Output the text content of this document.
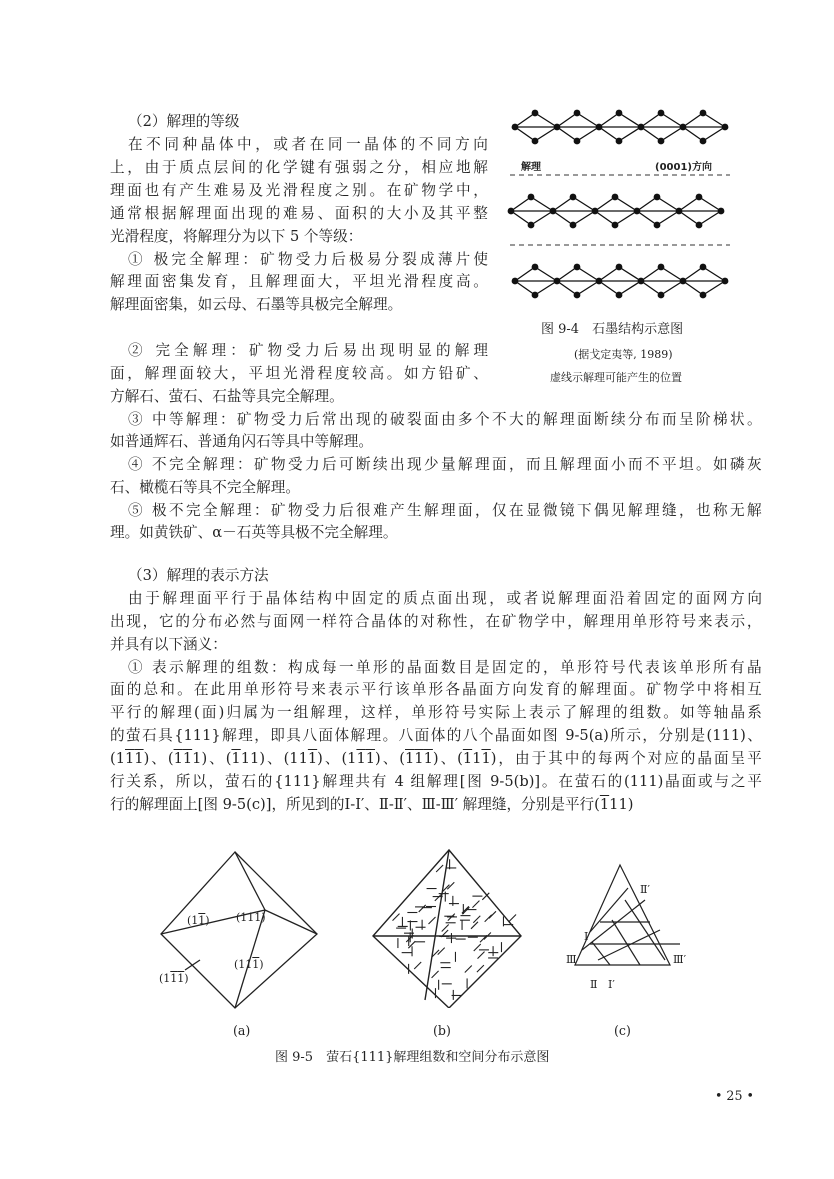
（2）解理的等级
在不同种晶体中，或者在同一晶体的不同方向
上，由于质点层间的化学键有强弱之分，相应地解
理面也有产生难易及光滑程度之别。在矿物学中，
通常根据解理面出现的难易、面积的大小及其平整
光滑程度，将解理分为以下 5 个等级：
① 极完全解理：矿物受力后极易分裂成薄片使
解理面密集发育，且解理面大，平坦光滑程度高。
解理面密集，如云母、石墨等具极完全解理。
② 完全解理：矿物受力后易出现明显的解理
面，解理面较大，平坦光滑程度较高。如方铅矿、
方解石、萤石、石盐等具完全解理。
③ 中等解理：矿物受力后常出现的破裂面由多个不大的解理面断续分布而呈阶梯状。
如普通辉石、普通角闪石等具中等解理。
④ 不完全解理：矿物受力后可断续出现少量解理面，而且解理面小而不平坦。如磷灰
石、橄榄石等具不完全解理。
⑤ 极不完全解理：矿物受力后很难产生解理面，仅在显微镜下偶见解理缝，也称无解
理。如黄铁矿、α－石英等具极不完全解理。
（3）解理的表示方法
由于解理面平行于晶体结构中固定的质点面出现，或者说解理面沿着固定的面网方向
出现，它的分布必然与面网一样符合晶体的对称性，在矿物学中，解理用单形符号来表示，
并具有以下涵义：
① 表示解理的组数：构成每一单形的晶面数目是固定的，单形符号代表该单形所有晶
面的总和。在此用单形符号来表示平行该单形各晶面方向发育的解理面。矿物学中将相互
平行的解理(面)归属为一组解理，这样，单形符号实际上表示了解理的组数。如等轴晶系
的萤石具{111}解理，即具八面体解理。八面体的八个晶面如图 9-5(a)所示，分别是(111)、
(111)、(111)、(111)、(111)、(111)、(111)、(111)，由于其中的每两个对应的晶面呈平
行关系，所以，萤石的{111}解理共有 4 组解理[图 9-5(b)]。在萤石的(111)晶面或与之平
行的解理面上[图 9-5(c)]，所见到的Ⅰ-Ⅰ′、Ⅱ-Ⅱ′、Ⅲ-Ⅲ′ 解理缝，分别是平行(111)
解理	(0001)方向
图 9-4　石墨结构示意图
(据戈定夷等, 1989)
虚线示解理可能产生的位置
(11) (111)
(111)
(111)
Ⅱ′
Ⅰ
Ⅲ	Ⅲ′
Ⅱ Ⅰ′
(a)	(b)	(c)
图 9-5　萤石{111}解理组数和空间分布示意图
• 25 •
